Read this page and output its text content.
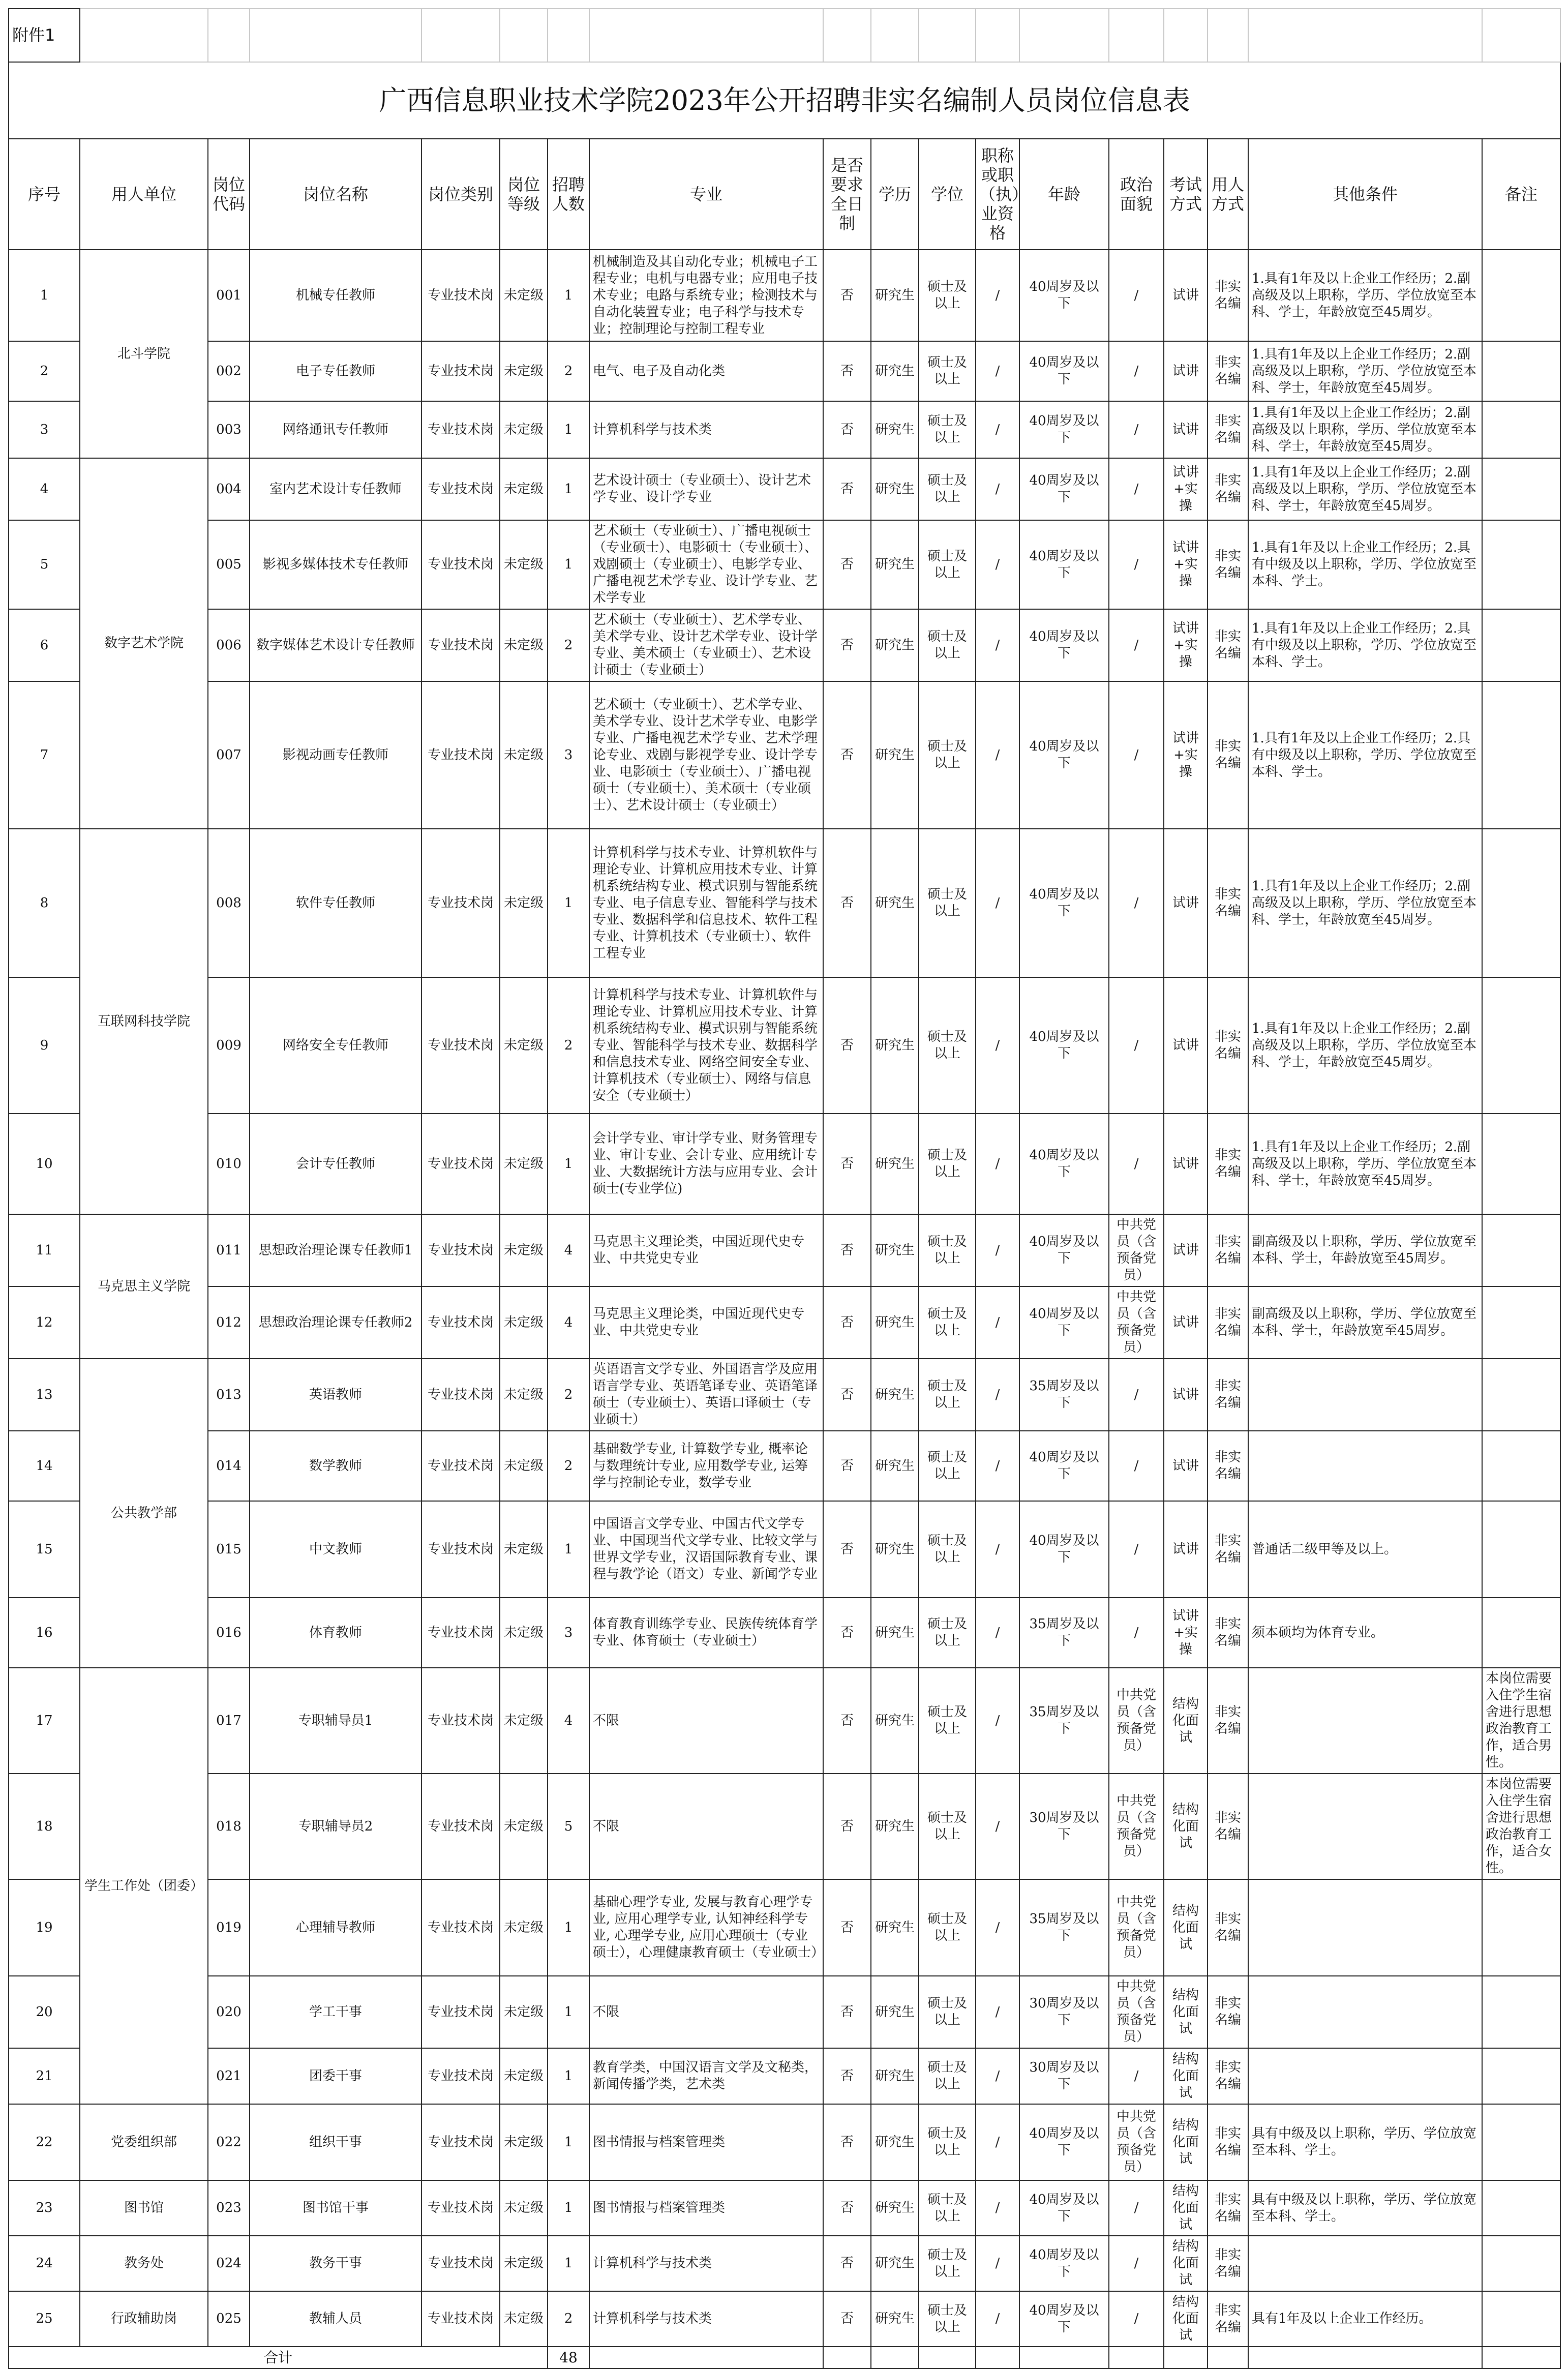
附件1																	
广西信息职业技术学院2023年公开招聘非实名编制人员岗位信息表																	
序号	用人单位	岗位代码	岗位名称	岗位类别	岗位等级	招聘人数	专业	是否要求全日制	学历	学位	职称或职（执）业资格	年龄	政治面貌	考试方式	用人方式	其他条件	备注
1	北斗学院	001	机械专任教师	专业技术岗	未定级	1	机械制造及其自动化专业；机械电子工程专业；电机与电器专业；应用电子技术专业；电路与系统专业；检测技术与自动化装置专业；电子科学与技术专业；控制理论与控制工程专业	否	研究生	硕士及以上	/	40周岁及以下	/	试讲	非实名编	1.具有1年及以上企业工作经历；2.副高级及以上职称，学历、学位放宽至本科、学士，年龄放宽至45周岁。	
2		002	电子专任教师	专业技术岗	未定级	2	电气、电子及自动化类	否	研究生	硕士及以上	/	40周岁及以下	/	试讲	非实名编	1.具有1年及以上企业工作经历；2.副高级及以上职称，学历、学位放宽至本科、学士，年龄放宽至45周岁。	
3		003	网络通讯专任教师	专业技术岗	未定级	1	计算机科学与技术类	否	研究生	硕士及以上	/	40周岁及以下	/	试讲	非实名编	1.具有1年及以上企业工作经历；2.副高级及以上职称，学历、学位放宽至本科、学士，年龄放宽至45周岁。	
4	数字艺术学院	004	室内艺术设计专任教师	专业技术岗	未定级	1	艺术设计硕士（专业硕士）、设计艺术学专业、设计学专业	否	研究生	硕士及以上	/	40周岁及以下	/	试讲+实操	非实名编	1.具有1年及以上企业工作经历；2.副高级及以上职称，学历、学位放宽至本科、学士，年龄放宽至45周岁。	
5		005	影视多媒体技术专任教师	专业技术岗	未定级	1	艺术硕士（专业硕士）、广播电视硕士（专业硕士）、电影硕士（专业硕士）、戏剧硕士（专业硕士）、电影学专业、广播电视艺术学专业、设计学专业、艺术学专业	否	研究生	硕士及以上	/	40周岁及以下	/	试讲+实操	非实名编	1.具有1年及以上企业工作经历；2.具有中级及以上职称，学历、学位放宽至本科、学士。	
6		006	数字媒体艺术设计专任教师	专业技术岗	未定级	2	艺术硕士（专业硕士）、艺术学专业、美术学专业、设计艺术学专业、设计学专业、美术硕士（专业硕士）、艺术设计硕士（专业硕士）	否	研究生	硕士及以上	/	40周岁及以下	/	试讲+实操	非实名编	1.具有1年及以上企业工作经历；2.具有中级及以上职称，学历、学位放宽至本科、学士。	
7		007	影视动画专任教师	专业技术岗	未定级	3	艺术硕士（专业硕士）、艺术学专业、美术学专业、设计艺术学专业、电影学专业、广播电视艺术学专业、艺术学理论专业、戏剧与影视学专业、设计学专业、电影硕士（专业硕士）、广播电视硕士（专业硕士）、美术硕士（专业硕士）、艺术设计硕士（专业硕士）	否	研究生	硕士及以上	/	40周岁及以下	/	试讲+实操	非实名编	1.具有1年及以上企业工作经历；2.具有中级及以上职称，学历、学位放宽至本科、学士。	
8	互联网科技学院	008	软件专任教师	专业技术岗	未定级	1	计算机科学与技术专业、计算机软件与理论专业、计算机应用技术专业、计算机系统结构专业、模式识别与智能系统专业、电子信息专业、智能科学与技术专业、数据科学和信息技术、软件工程专业、计算机技术（专业硕士）、软件工程专业	否	研究生	硕士及以上	/	40周岁及以下	/	试讲	非实名编	1.具有1年及以上企业工作经历；2.副高级及以上职称，学历、学位放宽至本科、学士，年龄放宽至45周岁。	
9		009	网络安全专任教师	专业技术岗	未定级	2	计算机科学与技术专业、计算机软件与理论专业、计算机应用技术专业、计算机系统结构专业、模式识别与智能系统专业、智能科学与技术专业、数据科学和信息技术专业、网络空间安全专业、计算机技术（专业硕士）、网络与信息安全（专业硕士）	否	研究生	硕士及以上	/	40周岁及以下	/	试讲	非实名编	1.具有1年及以上企业工作经历；2.副高级及以上职称，学历、学位放宽至本科、学士，年龄放宽至45周岁。	
10		010	会计专任教师	专业技术岗	未定级	1	会计学专业、审计学专业、财务管理专业、审计专业、会计专业、应用统计专业、大数据统计方法与应用专业、会计硕士(专业学位)	否	研究生	硕士及以上	/	40周岁及以下	/	试讲	非实名编	1.具有1年及以上企业工作经历；2.副高级及以上职称，学历、学位放宽至本科、学士，年龄放宽至45周岁。	
11	马克思主义学院	011	思想政治理论课专任教师1	专业技术岗	未定级	4	马克思主义理论类，中国近现代史专业、中共党史专业	否	研究生	硕士及以上	/	40周岁及以下	中共党员（含预备党员）	试讲	非实名编	副高级及以上职称，学历、学位放宽至本科、学士，年龄放宽至45周岁。	
12		012	思想政治理论课专任教师2	专业技术岗	未定级	4	马克思主义理论类，中国近现代史专业、中共党史专业	否	研究生	硕士及以上	/	40周岁及以下	中共党员（含预备党员）	试讲	非实名编	副高级及以上职称，学历、学位放宽至本科、学士，年龄放宽至45周岁。	
13	公共教学部	013	英语教师	专业技术岗	未定级	2	英语语言文学专业、外国语言学及应用语言学专业、英语笔译专业、英语笔译硕士（专业硕士）、英语口译硕士（专业硕士）	否	研究生	硕士及以上	/	35周岁及以下	/	试讲	非实名编		
14		014	数学教师	专业技术岗	未定级	2	基础数学专业, 计算数学专业, 概率论与数理统计专业, 应用数学专业, 运筹学与控制论专业，数学专业	否	研究生	硕士及以上	/	40周岁及以下	/	试讲	非实名编		
15		015	中文教师	专业技术岗	未定级	1	中国语言文学专业、中国古代文学专业、中国现当代文学专业、比较文学与世界文学专业，汉语国际教育专业、课程与教学论（语文）专业、新闻学专业	否	研究生	硕士及以上	/	40周岁及以下	/	试讲	非实名编	普通话二级甲等及以上。	
16		016	体育教师	专业技术岗	未定级	3	体育教育训练学专业、民族传统体育学专业、体育硕士（专业硕士）	否	研究生	硕士及以上	/	35周岁及以下	/	试讲+实操	非实名编	须本硕均为体育专业。	
17	学生工作处（团委）	017	专职辅导员1	专业技术岗	未定级	4	不限	否	研究生	硕士及以上	/	35周岁及以下	中共党员（含预备党员）	结构化面试	非实名编		本岗位需要入住学生宿舍进行思想政治教育工作，适合男性。
18		018	专职辅导员2	专业技术岗	未定级	5	不限	否	研究生	硕士及以上	/	30周岁及以下	中共党员（含预备党员）	结构化面试	非实名编		本岗位需要入住学生宿舍进行思想政治教育工作，适合女性。
19		019	心理辅导教师	专业技术岗	未定级	1	基础心理学专业, 发展与教育心理学专业, 应用心理学专业, 认知神经科学专业, 心理学专业, 应用心理硕士（专业硕士），心理健康教育硕士（专业硕士）	否	研究生	硕士及以上	/	35周岁及以下	中共党员（含预备党员）	结构化面试	非实名编		
20		020	学工干事	专业技术岗	未定级	1	不限	否	研究生	硕士及以上	/	30周岁及以下	中共党员（含预备党员）	结构化面试	非实名编		
21		021	团委干事	专业技术岗	未定级	1	教育学类，中国汉语言文学及文秘类，新闻传播学类，艺术类	否	研究生	硕士及以上	/	30周岁及以下	/	结构化面试	非实名编		
22	党委组织部	022	组织干事	专业技术岗	未定级	1	图书情报与档案管理类	否	研究生	硕士及以上	/	40周岁及以下	中共党员（含预备党员）	结构化面试	非实名编	具有中级及以上职称，学历、学位放宽至本科、学士。	
23	图书馆	023	图书馆干事	专业技术岗	未定级	1	图书情报与档案管理类	否	研究生	硕士及以上	/	40周岁及以下	/	结构化面试	非实名编	具有中级及以上职称，学历、学位放宽至本科、学士。	
24	教务处	024	教务干事	专业技术岗	未定级	1	计算机科学与技术类	否	研究生	硕士及以上	/	40周岁及以下	/	结构化面试	非实名编		
25	行政辅助岗	025	教辅人员	专业技术岗	未定级	2	计算机科学与技术类	否	研究生	硕士及以上	/	40周岁及以下	/	结构化面试	非实名编	具有1年及以上企业工作经历。	
合计						48											
